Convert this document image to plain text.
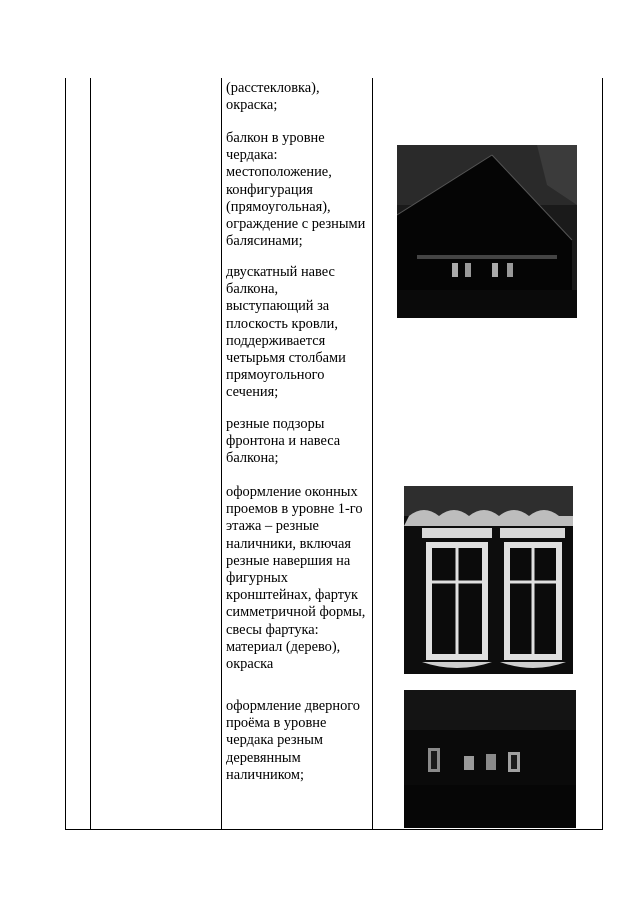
(расстекловка),
окраска;

балкон в уровне
чердака:
местоположение,
конфигурация
(прямоугольная),
ограждение с резными
балясинами;

двускатный навес
балкона,
выступающий за
плоскость кровли,
поддерживается
четырьмя столбами
прямоугольного
сечения;

резные подзоры
фронтона и навеса
балкона;

оформление оконных
проемов в уровне 1-го
этажа – резные
наличники, включая
резные навершия на
фигурных
кронштейнах, фартук
симметричной формы,
свесы фартука:
материал (дерево),
окраска

оформление дверного
проёма в уровне
чердака резным
деревянным
наличником;
